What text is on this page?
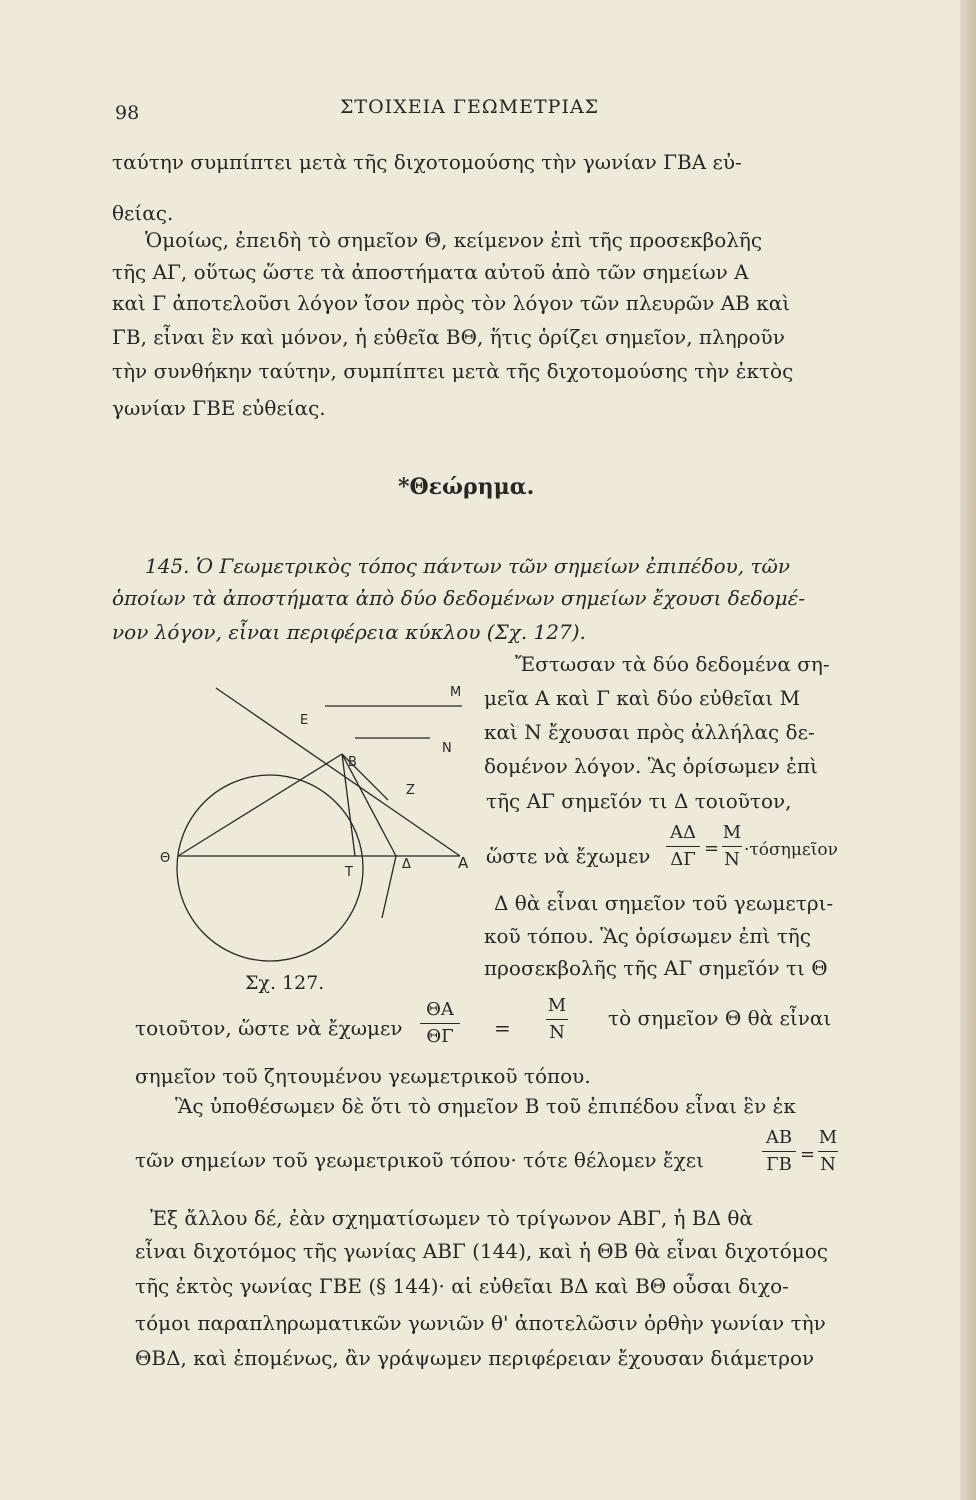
98	ΣΤΟΙΧΕΙΑ ΓΕΩΜΕΤΡΙΑΣ
ταύτην συμπίπτει μετὰ τῆς διχοτομούσης τὴν γωνίαν ΓΒΑ εὐ-
θείας.
Ὁμοίως, ἐπειδὴ τὸ σημεῖον Θ, κείμενον ἐπὶ τῆς προσεκβολῆς
τῆς ΑΓ, οὕτως ὥστε τὰ ἀποστήματα αὐτοῦ ἀπὸ τῶν σημείων Α
καὶ Γ ἀποτελοῦσι λόγον ἴσον πρὸς τὸν λόγον τῶν πλευρῶν ΑΒ καὶ
ΓΒ, εἶναι ἓν καὶ μόνον, ἡ εὐθεῖα ΒΘ, ἥτις ὁρίζει σημεῖον, πληροῦν
τὴν συνθήκην ταύτην, συμπίπτει μετὰ τῆς διχοτομούσης τὴν ἐκτὸς
γωνίαν ΓΒΕ εὐθείας.
*Θεώρημα.
145. Ὁ Γεωμετρικὸς τόπος πάντων τῶν σημείων ἐπιπέδου, τῶν
ὁποίων τὰ ἀποστήματα ἀπὸ δύο δεδομένων σημείων ἔχουσι δεδομέ-
νον λόγον, εἶναι περιφέρεια κύκλου (Σχ. 127).
M
N
E
B
Z
Θ
T
Δ	A
Σχ. 127.
Ἔστωσαν τὰ δύο δεδομένα ση-
μεῖα Α καὶ Γ καὶ δύο εὐθεῖαι Μ
καὶ Ν ἔχουσαι πρὸς ἀλλήλας δε-
δομένον λόγον. Ἃς ὁρίσωμεν ἐπὶ
τῆς ΑΓ σημεῖόν τι Δ τοιοῦτον,
ὥστε νὰ ἔχωμεν
ΑΔ
ΔΓ
=
Μ
Ν ·τόσημεῖον
Δ θὰ εἶναι σημεῖον τοῦ γεωμετρι-
κοῦ τόπου. Ἃς ὁρίσωμεν ἐπὶ τῆς
προσεκβολῆς τῆς ΑΓ σημεῖόν τι Θ
τοιοῦτον, ὥστε νὰ ἔχωμεν
ΘΑ
ΘΓ	=
Μ
Ν
τὸ σημεῖον Θ θὰ εἶναι
σημεῖον τοῦ ζητουμένου γεωμετρικοῦ τόπου.
Ἃς ὑποθέσωμεν δὲ ὅτι τὸ σημεῖον Β τοῦ ἐπιπέδου εἶναι ἓν ἐκ
τῶν σημείων τοῦ γεωμετρικοῦ τόπου· τότε θέλομεν ἔχει
ΑΒ
ΓΒ =
Μ
Ν
Ἐξ ἄλλου δέ, ἐὰν σχηματίσωμεν τὸ τρίγωνον ΑΒΓ, ἡ ΒΔ θὰ
εἶναι διχοτόμος τῆς γωνίας ΑΒΓ (144), καὶ ἡ ΘΒ θὰ εἶναι διχοτόμος
τῆς ἐκτὸς γωνίας ΓΒΕ (§ 144)· αἱ εὐθεῖαι ΒΔ καὶ ΒΘ οὖσαι διχο-
τόμοι παραπληρωματικῶν γωνιῶν θ' ἀποτελῶσιν ὀρθὴν γωνίαν τὴν
ΘΒΔ, καὶ ἑπομένως, ἂν γράψωμεν περιφέρειαν ἔχουσαν διάμετρον
